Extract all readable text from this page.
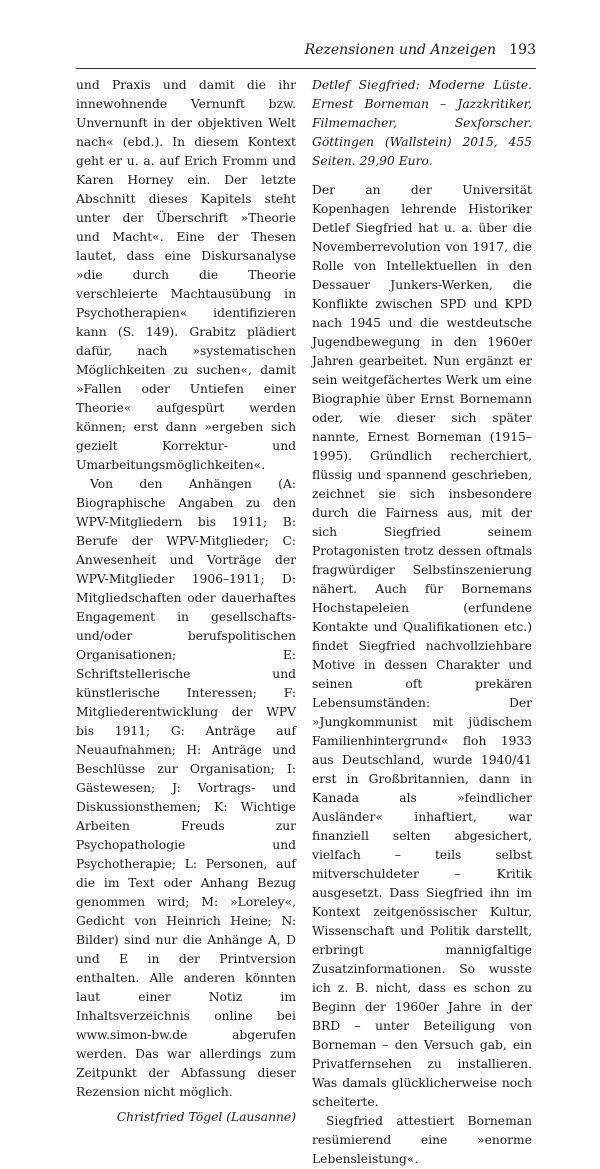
Rezensionen und Anzeigen 193

und Praxis und damit die ihr innewohnende Vernunft bzw. Unvernunft in der objektiven Welt nach« (ebd.). In diesem Kontext geht er u. a. auf Erich Fromm und Karen Horney ein. Der letzte Abschnitt dieses Kapitels steht unter der Überschrift »Theorie und Macht«. Eine der Thesen lautet, dass eine Diskursanalyse »die durch die Theorie verschleierte Machtausübung in Psychotherapien« identifizieren kann (S. 149). Grabitz plädiert dafür, nach »systematischen Möglichkeiten zu suchen«, damit »Fallen oder Untiefen einer Theorie« aufgespürt werden können; erst dann »ergeben sich gezielt Korrektur- und Umarbeitungsmöglichkeiten«.

Von den Anhängen (A: Biographische Angaben zu den WPV-Mitgliedern bis 1911; B: Berufe der WPV-Mitglieder; C: Anwesenheit und Vorträge der WPV-Mitglieder 1906–1911; D: Mitgliedschaften oder dauerhaftes Engagement in gesellschafts- und/oder berufspolitischen Organisationen; E: Schriftstellerische und künstlerische Interessen; F: Mitgliederentwicklung der WPV bis 1911; G: Anträge auf Neuaufnahmen; H: Anträge und Beschlüsse zur Organisation; I: Gästewesen; J: Vortrags- und Diskussionsthemen; K: Wichtige Arbeiten Freuds zur Psychopathologie und Psychotherapie; L: Personen, auf die im Text oder Anhang Bezug genommen wird; M: »Loreley«, Gedicht von Heinrich Heine; N: Bilder) sind nur die Anhänge A, D und E in der Printversion enthalten. Alle anderen könnten laut einer Notiz im Inhaltsverzeichnis online bei www.simon-bw.de abgerufen werden. Das war allerdings zum Zeitpunkt der Abfassung dieser Rezension nicht möglich.

Christfried Tögel (Lausanne)

Detlef Siegfried: Moderne Lüste. Ernest Borneman – Jazzkritiker, Filmemacher, Sexforscher. Göttingen (Wallstein) 2015, 455 Seiten. 29,90 Euro.

Der an der Universität Kopenhagen lehrende Historiker Detlef Siegfried hat u. a. über die Novemberrevolution von 1917, die Rolle von Intellektuellen in den Dessauer Junkers-Werken, die Konflikte zwischen SPD und KPD nach 1945 und die westdeutsche Jugendbewegung in den 1960er Jahren gearbeitet. Nun ergänzt er sein weitgefächertes Werk um eine Biographie über Ernst Bornemann oder, wie dieser sich später nannte, Ernest Borneman (1915–1995). Gründlich recherchiert, flüssig und spannend geschrieben, zeichnet sie sich insbesondere durch die Fairness aus, mit der sich Siegfried seinem Protagonisten trotz dessen oftmals fragwürdiger Selbstinszenierung nähert. Auch für Bornemans Hochstapeleien (erfundene Kontakte und Qualifikationen etc.) findet Siegfried nachvollziehbare Motive in dessen Charakter und seinen oft prekären Lebensumständen: Der »Jungkommunist mit jüdischem Familienhintergrund« floh 1933 aus Deutschland, wurde 1940/41 erst in Großbritannien, dann in Kanada als »feindlicher Ausländer« inhaftiert, war finanziell selten abgesichert, vielfach – teils selbst mitverschuldeter – Kritik ausgesetzt. Dass Siegfried ihn im Kontext zeitgenössischer Kultur, Wissenschaft und Politik darstellt, erbringt mannigfaltige Zusatzinformationen. So wusste ich z. B. nicht, dass es schon zu Beginn der 1960er Jahre in der BRD – unter Beteiligung von Borneman – den Versuch gab, ein Privatfernsehen zu installieren. Was damals glücklicherweise noch scheiterte.

Siegfried attestiert Borneman resümierend eine »enorme Lebensleistung«.
